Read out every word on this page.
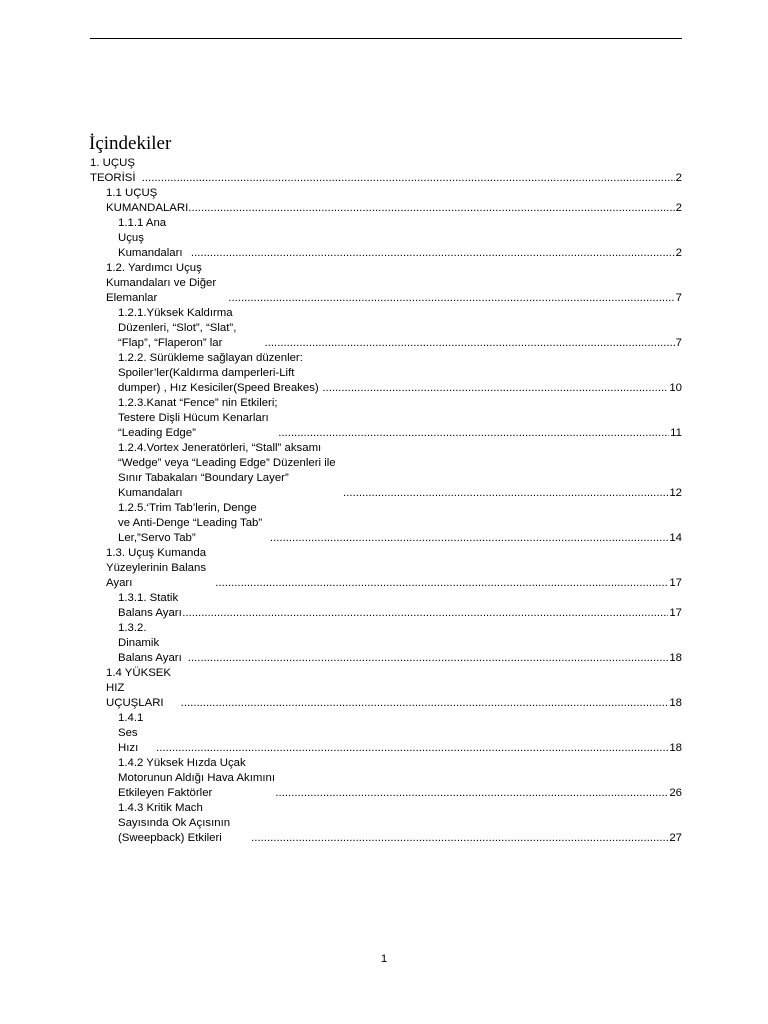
İçindekiler
1. UÇUŞ TEORİSİ .....	2
1.1 UÇUŞ KUMANDALARI .....	2
1.1.1 Ana Uçuş Kumandaları .....	2
1.2. Yardımcı Uçuş Kumandaları ve Diğer Elemanlar .....	7
1.2.1.Yüksek Kaldırma Düzenleri, “Slot”, “Slat”, “Flap”, “Flaperon” lar .....	7
1.2.2. Sürükleme sağlayan düzenler: Spoiler’ler(Kaldırma damperleri-Lift dumper) , Hız Kesiciler(Speed Breakes) .....	10
1.2.3.Kanat “Fence” nin Etkileri; Testere Dişli Hücum Kenarları “Leading Edge” .....	11
1.2.4.Vortex Jeneratörleri, “Stall” aksamı “Wedge” veya “Leading Edge” Düzenleri ile Sınır Tabakaları “Boundary Layer” Kumandaları .....	12
1.2.5.‘Trim Tab’lerin, Denge ve Anti-Denge “Leading Tab” Ler,”Servo Tab” .....	14
1.3. Uçuş Kumanda Yüzeylerinin Balans Ayarı .....	17
1.3.1. Statik Balans Ayarı .....	17
1.3.2. Dinamik Balans Ayarı .....	18
1.4 YÜKSEK HIZ UÇUŞLARI .....	18
1.4.1 Ses Hızı .....	18
1.4.2 Yüksek Hızda Uçak Motorunun Aldığı Hava Akımını Etkileyen Faktörler .....	26
1.4.3 Kritik Mach Sayısında Ok Açısının (Sweepback) Etkileri .....	27
1
